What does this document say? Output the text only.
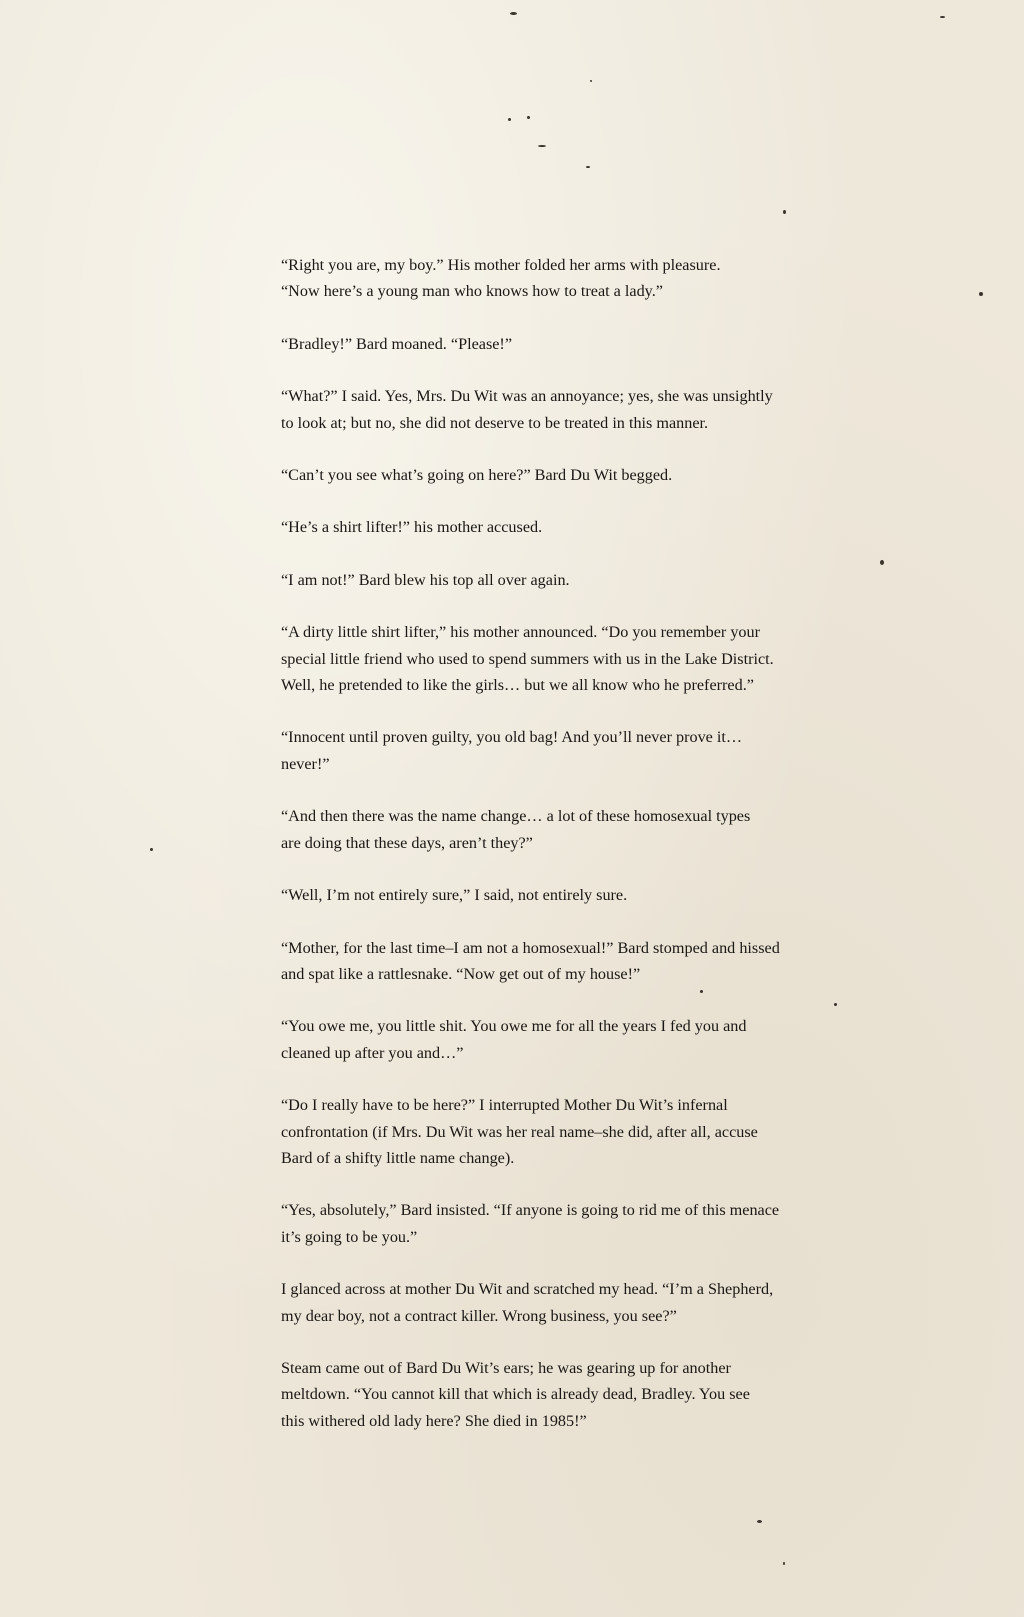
“Right you are, my boy.” His mother folded her arms with pleasure.
“Now here’s a young man who knows how to treat a lady.”

“Bradley!” Bard moaned. “Please!”

“What?” I said. Yes, Mrs. Du Wit was an annoyance; yes, she was unsightly
to look at; but no, she did not deserve to be treated in this manner.

“Can’t you see what’s going on here?” Bard Du Wit begged.

“He’s a shirt lifter!” his mother accused.

“I am not!” Bard blew his top all over again.

“A dirty little shirt lifter,” his mother announced. “Do you remember your
special little friend who used to spend summers with us in the Lake District.
Well, he pretended to like the girls… but we all know who he preferred.”

“Innocent until proven guilty, you old bag! And you’ll never prove it…
never!”

“And then there was the name change… a lot of these homosexual types
are doing that these days, aren’t they?”

“Well, I’m not entirely sure,” I said, not entirely sure.

“Mother, for the last time–I am not a homosexual!” Bard stomped and hissed
and spat like a rattlesnake. “Now get out of my house!”

“You owe me, you little shit. You owe me for all the years I fed you and
cleaned up after you and…”

“Do I really have to be here?” I interrupted Mother Du Wit’s infernal
confrontation (if Mrs. Du Wit was her real name–she did, after all, accuse
Bard of a shifty little name change).

“Yes, absolutely,” Bard insisted. “If anyone is going to rid me of this menace
it’s going to be you.”

I glanced across at mother Du Wit and scratched my head. “I’m a Shepherd,
my dear boy, not a contract killer. Wrong business, you see?”

Steam came out of Bard Du Wit’s ears; he was gearing up for another
meltdown. “You cannot kill that which is already dead, Bradley. You see
this withered old lady here? She died in 1985!”
